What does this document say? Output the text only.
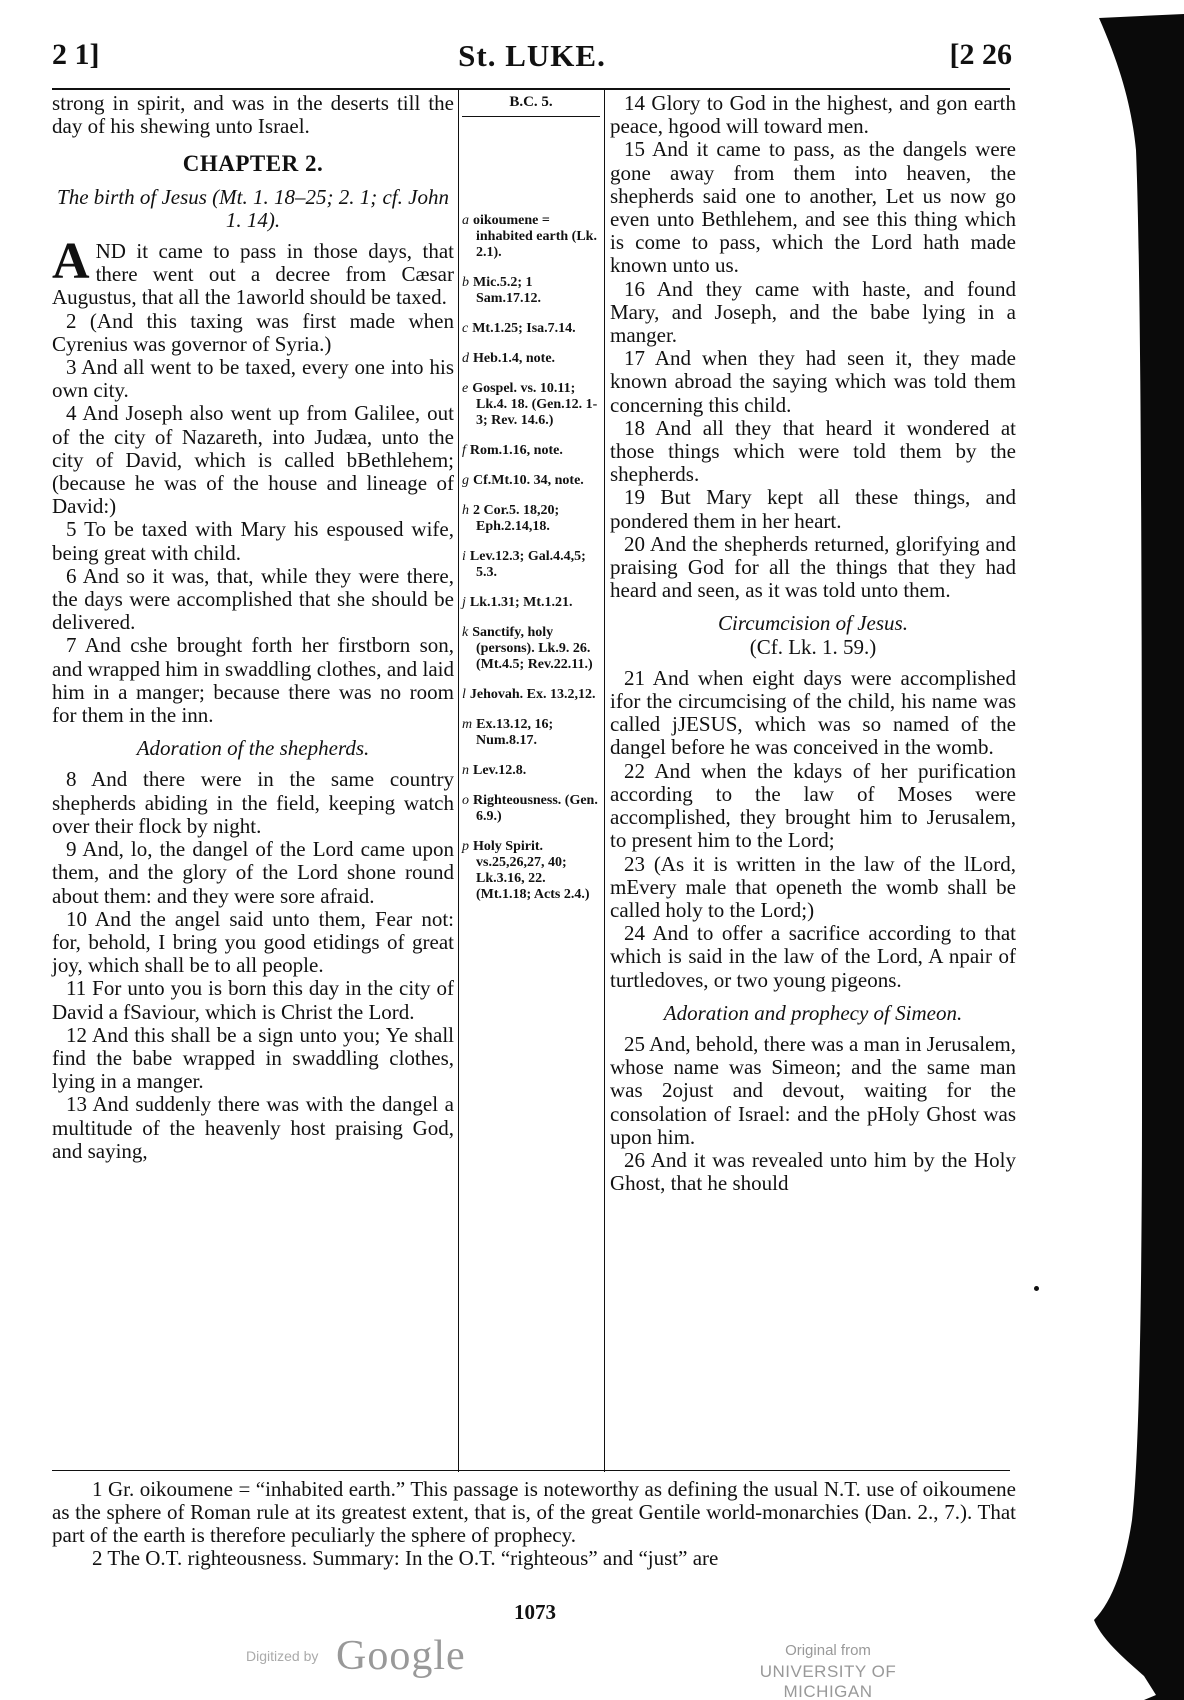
2 1]	St. LUKE.	[2 26

strong in spirit, and was in the deserts till the day of his shewing unto Israel.

CHAPTER 2.

The birth of Jesus (Mt. 1. 18–25; 2. 1; cf. John 1. 14).

AND it came to pass in those days, that there went out a decree from Cæsar Augustus, that all the 1aworld should be taxed.

2 (And this taxing was first made when Cyrenius was governor of Syria.)

3 And all went to be taxed, every one into his own city.

4 And Joseph also went up from Galilee, out of the city of Nazareth, into Judæa, unto the city of David, which is called bBethlehem; (because he was of the house and lineage of David:)

5 To be taxed with Mary his espoused wife, being great with child.

6 And so it was, that, while they were there, the days were accomplished that she should be delivered.

7 And cshe brought forth her firstborn son, and wrapped him in swaddling clothes, and laid him in a manger; because there was no room for them in the inn.

Adoration of the shepherds.

8 And there were in the same country shepherds abiding in the field, keeping watch over their flock by night.

9 And, lo, the dangel of the Lord came upon them, and the glory of the Lord shone round about them: and they were sore afraid.

10 And the angel said unto them, Fear not: for, behold, I bring you good etidings of great joy, which shall be to all people.

11 For unto you is born this day in the city of David a fSaviour, which is Christ the Lord.

12 And this shall be a sign unto you; Ye shall find the babe wrapped in swaddling clothes, lying in a manger.

13 And suddenly there was with the dangel a multitude of the heavenly host praising God, and saying,

B.C. 5.
a oikoumene = inhabited earth (Lk. 2.1).
b Mic.5.2; 1 Sam.17.12.
c Mt.1.25; Isa.7.14.
d Heb.1.4, note.
e Gospel. vs. 10.11; Lk.4. 18. (Gen.12. 1-3; Rev. 14.6.)
f Rom.1.16, note.
g Cf.Mt.10. 34, note.
h 2 Cor.5. 18,20; Eph.2.14,18.
i Lev.12.3; Gal.4.4,5; 5.3.
j Lk.1.31; Mt.1.21.
k Sanctify, holy (persons). Lk.9. 26. (Mt.4.5; Rev.22.11.)
l Jehovah. Ex. 13.2,12.
m Ex.13.12, 16; Num.8.17.
n Lev.12.8.
o Righteousness. (Gen. 6.9.)
p Holy Spirit. vs.25,26,27, 40; Lk.3.16, 22. (Mt.1.18; Acts 2.4.)

14 Glory to God in the highest, and gon earth peace, hgood will toward men.

15 And it came to pass, as the dangels were gone away from them into heaven, the shepherds said one to another, Let us now go even unto Bethlehem, and see this thing which is come to pass, which the Lord hath made known unto us.

16 And they came with haste, and found Mary, and Joseph, and the babe lying in a manger.

17 And when they had seen it, they made known abroad the saying which was told them concerning this child.

18 And all they that heard it wondered at those things which were told them by the shepherds.

19 But Mary kept all these things, and pondered them in her heart.

20 And the shepherds returned, glorifying and praising God for all the things that they had heard and seen, as it was told unto them.

Circumcision of Jesus.

(Cf. Lk. 1. 59.)

21 And when eight days were accomplished ifor the circumcising of the child, his name was called jJESUS, which was so named of the dangel before he was conceived in the womb.

22 And when the kdays of her purification according to the law of Moses were accomplished, they brought him to Jerusalem, to present him to the Lord;

23 (As it is written in the law of the lLord, mEvery male that openeth the womb shall be called holy to the Lord;)

24 And to offer a sacrifice according to that which is said in the law of the Lord, A npair of turtledoves, or two young pigeons.

Adoration and prophecy of Simeon.

25 And, behold, there was a man in Jerusalem, whose name was Simeon; and the same man was 2ojust and devout, waiting for the consolation of Israel: and the pHoly Ghost was upon him.

26 And it was revealed unto him by the Holy Ghost, that he should

1 Gr. oikoumene = “inhabited earth.” This passage is noteworthy as defining the usual N.T. use of oikoumene as the sphere of Roman rule at its greatest extent, that is, of the great Gentile world-monarchies (Dan. 2., 7.). That part of the earth is therefore peculiarly the sphere of prophecy.

2 The O.T. righteousness. Summary: In the O.T. “righteous” and “just” are

1073
Digitized by Google	Original from
UNIVERSITY OF MICHIGAN
